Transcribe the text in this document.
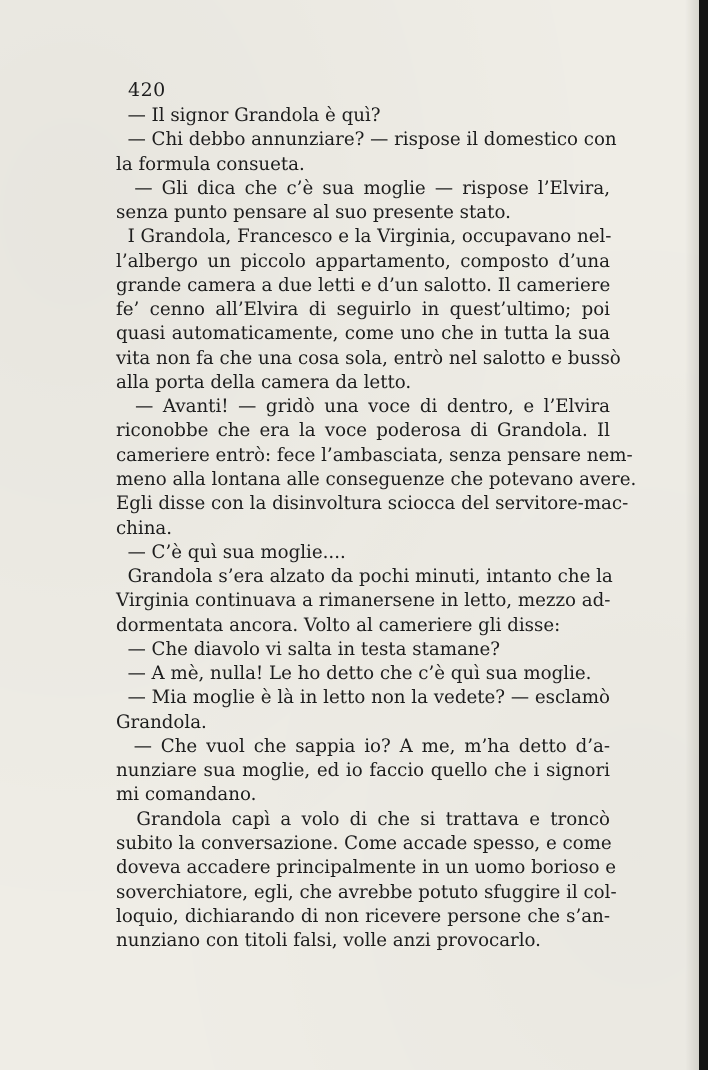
420
— Il signor Grandola è quì?
— Chi debbo annunziare? — rispose il domestico con
la formula consueta.
— Gli dica che c’è sua moglie — rispose l’Elvira,
senza punto pensare al suo presente stato.
I Grandola, Francesco e la Virginia, occupavano nel-
l’albergo un piccolo appartamento, composto d’una
grande camera a due letti e d’un salotto. Il cameriere
fe’ cenno all’Elvira di seguirlo in quest’ultimo; poi
quasi automaticamente, come uno che in tutta la sua
vita non fa che una cosa sola, entrò nel salotto e bussò
alla porta della camera da letto.
— Avanti! — gridò una voce di dentro, e l’Elvira
riconobbe che era la voce poderosa di Grandola. Il
cameriere entrò: fece l’ambasciata, senza pensare nem-
meno alla lontana alle conseguenze che potevano avere.
Egli disse con la disinvoltura sciocca del servitore-mac-
china.
— C’è quì sua moglie....
Grandola s’era alzato da pochi minuti, intanto che la
Virginia continuava a rimanersene in letto, mezzo ad-
dormentata ancora. Volto al cameriere gli disse:
— Che diavolo vi salta in testa stamane?
— A mè, nulla! Le ho detto che c’è quì sua moglie.
— Mia moglie è là in letto non la vedete? — esclamò
Grandola.
— Che vuol che sappia io? A me, m’ha detto d’a-
nunziare sua moglie, ed io faccio quello che i signori
mi comandano.
Grandola capì a volo di che si trattava e troncò
subito la conversazione. Come accade spesso, e come
doveva accadere principalmente in un uomo borioso e
soverchiatore, egli, che avrebbe potuto sfuggire il col-
loquio, dichiarando di non ricevere persone che s’an-
nunziano con titoli falsi, volle anzi provocarlo.
